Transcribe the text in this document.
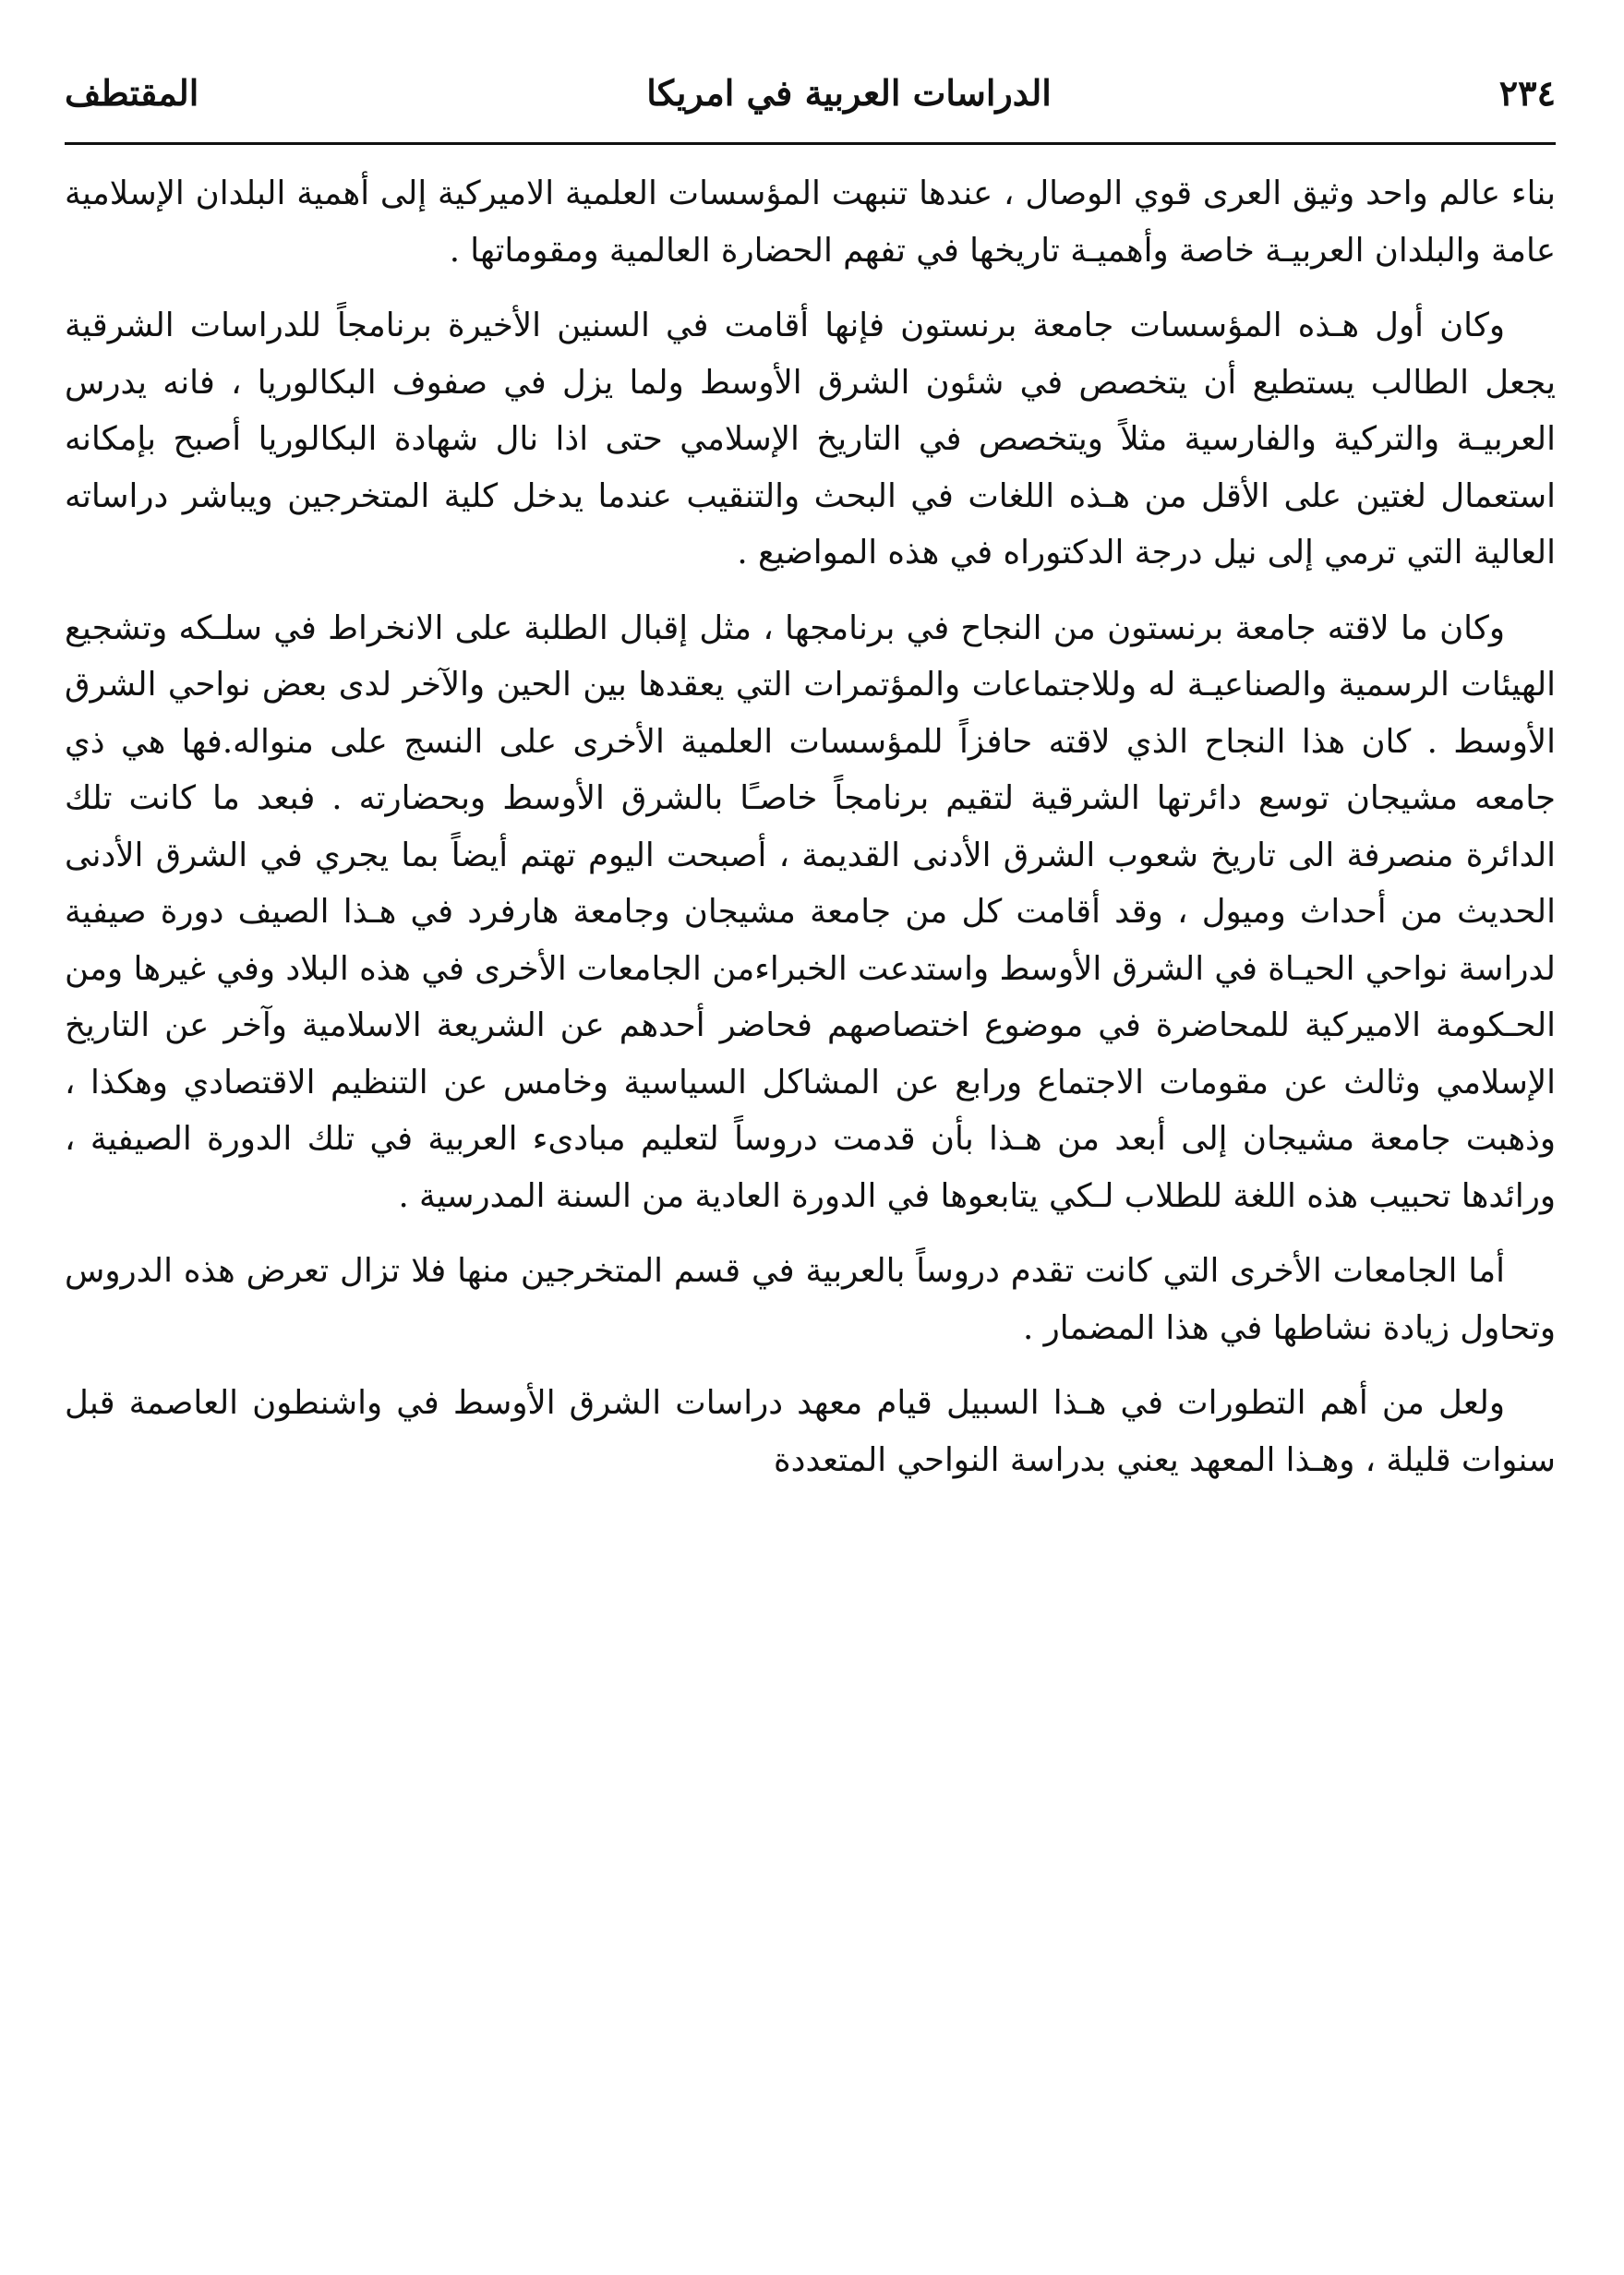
٢٣٤
الدراسات العربية في امريكا
المقتطف

بناء عالم واحد وثيق العرى قوي الوصال ، عندها تنبهت المؤسسات العلمية الاميركية إلى أهمية البلدان الإسلامية عامة والبلدان العربيـة خاصة وأهميـة تاريخها في تفهم الحضارة العالمية ومقوماتها .

وكان أول هـذه المؤسسات جامعة برنستون فإنها أقامت في السنين الأخيرة برنامجاً للدراسات الشرقية يجعل الطالب يستطيع أن يتخصص في شئون الشرق الأوسط ولما يزل في صفوف البكالوريا ، فانه يدرس العربيـة والتركية والفارسية مثلاً ويتخصص في التاريخ الإسلامي حتى اذا نال شهادة البكالوريا أصبح بإمكانه استعمال لغتين على الأقل من هـذه اللغات في البحث والتنقيب عندما يدخل كلية المتخرجين ويباشر دراساته العالية التي ترمي إلى نيل درجة الدكتوراه في هذه المواضيع .

وكان ما لاقته جامعة برنستون من النجاح في برنامجها ، مثل إقبال الطلبة على الانخراط في سلـكه وتشجيع الهيئات الرسمية والصناعيـة له وللاجتماعات والمؤتمرات التي يعقدها بين الحين والآخر لدى بعض نواحي الشرق الأوسط . كان هذا النجاح الذي لاقته حافزاً للمؤسسات العلمية الأخرى على النسج على منواله.فها هي ذي جامعه مشيجان توسع دائرتها الشرقية لتقيم برنامجاً خاصـًا بالشرق الأوسط وبحضارته . فبعد ما كانت تلك الدائرة منصرفة الى تاريخ شعوب الشرق الأدنى القديمة ، أصبحت اليوم تهتم أيضاً بما يجري في الشرق الأدنى الحديث من أحداث وميول ، وقد أقامت كل من جامعة مشيجان وجامعة هارفرد في هـذا الصيف دورة صيفية لدراسة نواحي الحيـاة في الشرق الأوسط واستدعت الخبراءمن الجامعات الأخرى في هذه البلاد وفي غيرها ومن الحـكومة الاميركية للمحاضرة في موضوع اختصاصهم فحاضر أحدهم عن الشريعة الاسلامية وآخر عن التاريخ الإسلامي وثالث عن مقومات الاجتماع ورابع عن المشاكل السياسية وخامس عن التنظيم الاقتصادي وهكذا ، وذهبت جامعة مشيجان إلى أبعد من هـذا بأن قدمت دروساً لتعليم مبادىء العربية في تلك الدورة الصيفية ، ورائدها تحبيب هذه اللغة للطلاب لـكي يتابعوها في الدورة العادية من السنة المدرسية .

أما الجامعات الأخرى التي كانت تقدم دروساً بالعربية في قسم المتخرجين منها فلا تزال تعرض هذه الدروس وتحاول زيادة نشاطها في هذا المضمار .

ولعل من أهم التطورات في هـذا السبيل قيام معهد دراسات الشرق الأوسط في واشنطون العاصمة قبل سنوات قليلة ، وهـذا المعهد يعني بدراسة النواحي المتعددة
